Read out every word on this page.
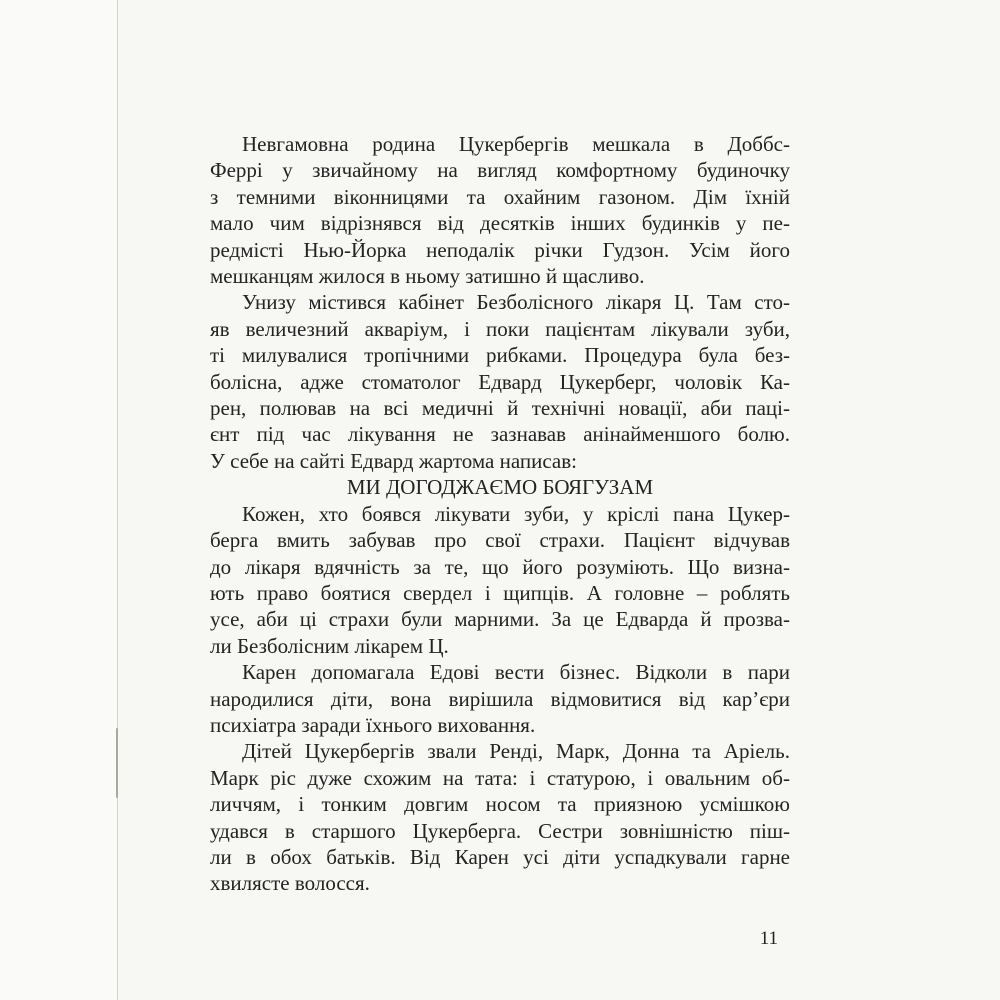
Невгамовна родина Цукербергів мешкала в Доббс-
Феррі у звичайному на вигляд комфортному будиночку
з темними віконницями та охайним газоном. Дім їхній
мало чим відрізнявся від десятків інших будинків у пе-
редмісті Нью-Йорка неподалік річки Гудзон. Усім його
мешканцям жилося в ньому затишно й щасливо.
Унизу містився кабінет Безболісного лікаря Ц. Там сто-
яв величезний акваріум, і поки пацієнтам лікували зуби,
ті милувалися тропічними рибками. Процедура була без-
болісна, адже стоматолог Едвард Цукерберг, чоловік Ка-
рен, полював на всі медичні й технічні новації, аби паці-
єнт під час лікування не зазнавав анінайменшого болю.
У себе на сайті Едвард жартома написав:
МИ ДОГОДЖАЄМО БОЯГУЗАМ
Кожен, хто боявся лікувати зуби, у кріслі пана Цукер-
берга вмить забував про свої страхи. Пацієнт відчував
до лікаря вдячність за те, що його розуміють. Що визна-
ють право боятися свердел і щипців. А головне – роблять
усе, аби ці страхи були марними. За це Едварда й прозва-
ли Безболісним лікарем Ц.
Карен допомагала Едові вести бізнес. Відколи в пари
народилися діти, вона вирішила відмовитися від кар’єри
психіатра заради їхнього виховання.
Дітей Цукербергів звали Ренді, Марк, Донна та Аріель.
Марк ріс дуже схожим на тата: і статурою, і овальним об-
личчям, і тонким довгим носом та приязною усмішкою
удався в старшого Цукерберга. Сестри зовнішністю піш-
ли в обох батьків. Від Карен усі діти успадкували гарне
хвилясте волосся.
11
